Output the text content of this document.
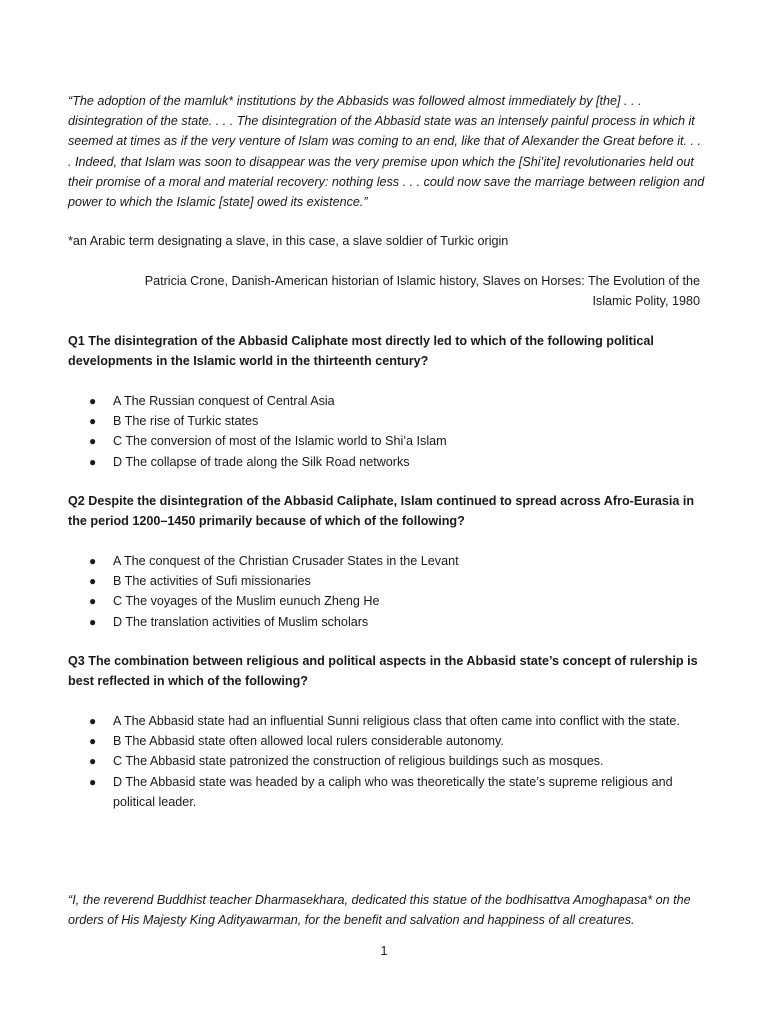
“The adoption of the mamluk* institutions by the Abbasids was followed almost immediately by [the] . . . disintegration of the state. . . . The disintegration of the Abbasid state was an intensely painful process in which it seemed at times as if the very venture of Islam was coming to an end, like that of Alexander the Great before it. . . . Indeed, that Islam was soon to disappear was the very premise upon which the [Shi’ite] revolutionaries held out their promise of a moral and material recovery: nothing less . . . could now save the marriage between religion and power to which the Islamic [state] owed its existence.”

*an Arabic term designating a slave, in this case, a slave soldier of Turkic origin

Patricia Crone, Danish-American historian of Islamic history, Slaves on Horses: The Evolution of the
Islamic Polity, 1980

Q1 The disintegration of the Abbasid Caliphate most directly led to which of the following political developments in the Islamic world in the thirteenth century?

● A The Russian conquest of Central Asia
● B The rise of Turkic states
● C The conversion of most of the Islamic world to Shi’a Islam
● D The collapse of trade along the Silk Road networks

Q2 Despite the disintegration of the Abbasid Caliphate, Islam continued to spread across Afro-Eurasia in the period 1200–1450 primarily because of which of the following?

● A The conquest of the Christian Crusader States in the Levant
● B The activities of Sufi missionaries
● C The voyages of the Muslim eunuch Zheng He
● D The translation activities of Muslim scholars

Q3 The combination between religious and political aspects in the Abbasid state’s concept of rulership is best reflected in which of the following?

● A The Abbasid state had an influential Sunni religious class that often came into conflict with the state.
● B The Abbasid state often allowed local rulers considerable autonomy.
● C The Abbasid state patronized the construction of religious buildings such as mosques.
● D The Abbasid state was headed by a caliph who was theoretically the state’s supreme religious and political leader.

“I, the reverend Buddhist teacher Dharmasekhara, dedicated this statue of the bodhisattva Amoghapasa* on the orders of His Majesty King Adityawarman, for the benefit and salvation and happiness of all creatures.

1
